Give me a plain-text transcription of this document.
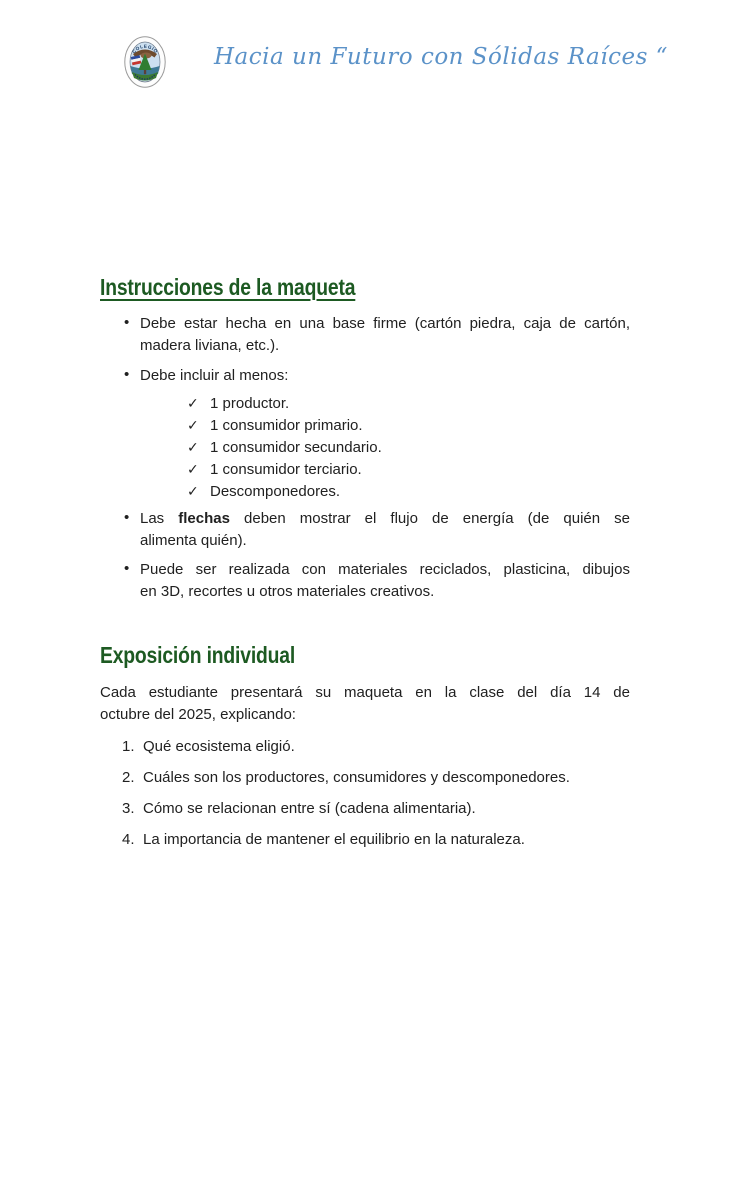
COLEGIO Hacia un Futuro con Sólidas Raíces “
Instrucciones de la maqueta
• Debe estar hecha en una base firme (cartón piedra, caja de cartón,
madera liviana, etc.).
• Debe incluir al menos:
✓ 1 productor.
✓ 1 consumidor primario.
✓ 1 consumidor secundario.
✓ 1 consumidor terciario.
✓ Descomponedores.
• Las flechas deben mostrar el flujo de energía (de quién se
alimenta quién).
• Puede ser realizada con materiales reciclados, plasticina, dibujos
en 3D, recortes u otros materiales creativos.
Exposición individual
Cada estudiante presentará su maqueta en la clase del día 14 de
octubre del 2025, explicando:
1. Qué ecosistema eligió.
2. Cuáles son los productores, consumidores y descomponedores.
3. Cómo se relacionan entre sí (cadena alimentaria).
4. La importancia de mantener el equilibrio en la naturaleza.
